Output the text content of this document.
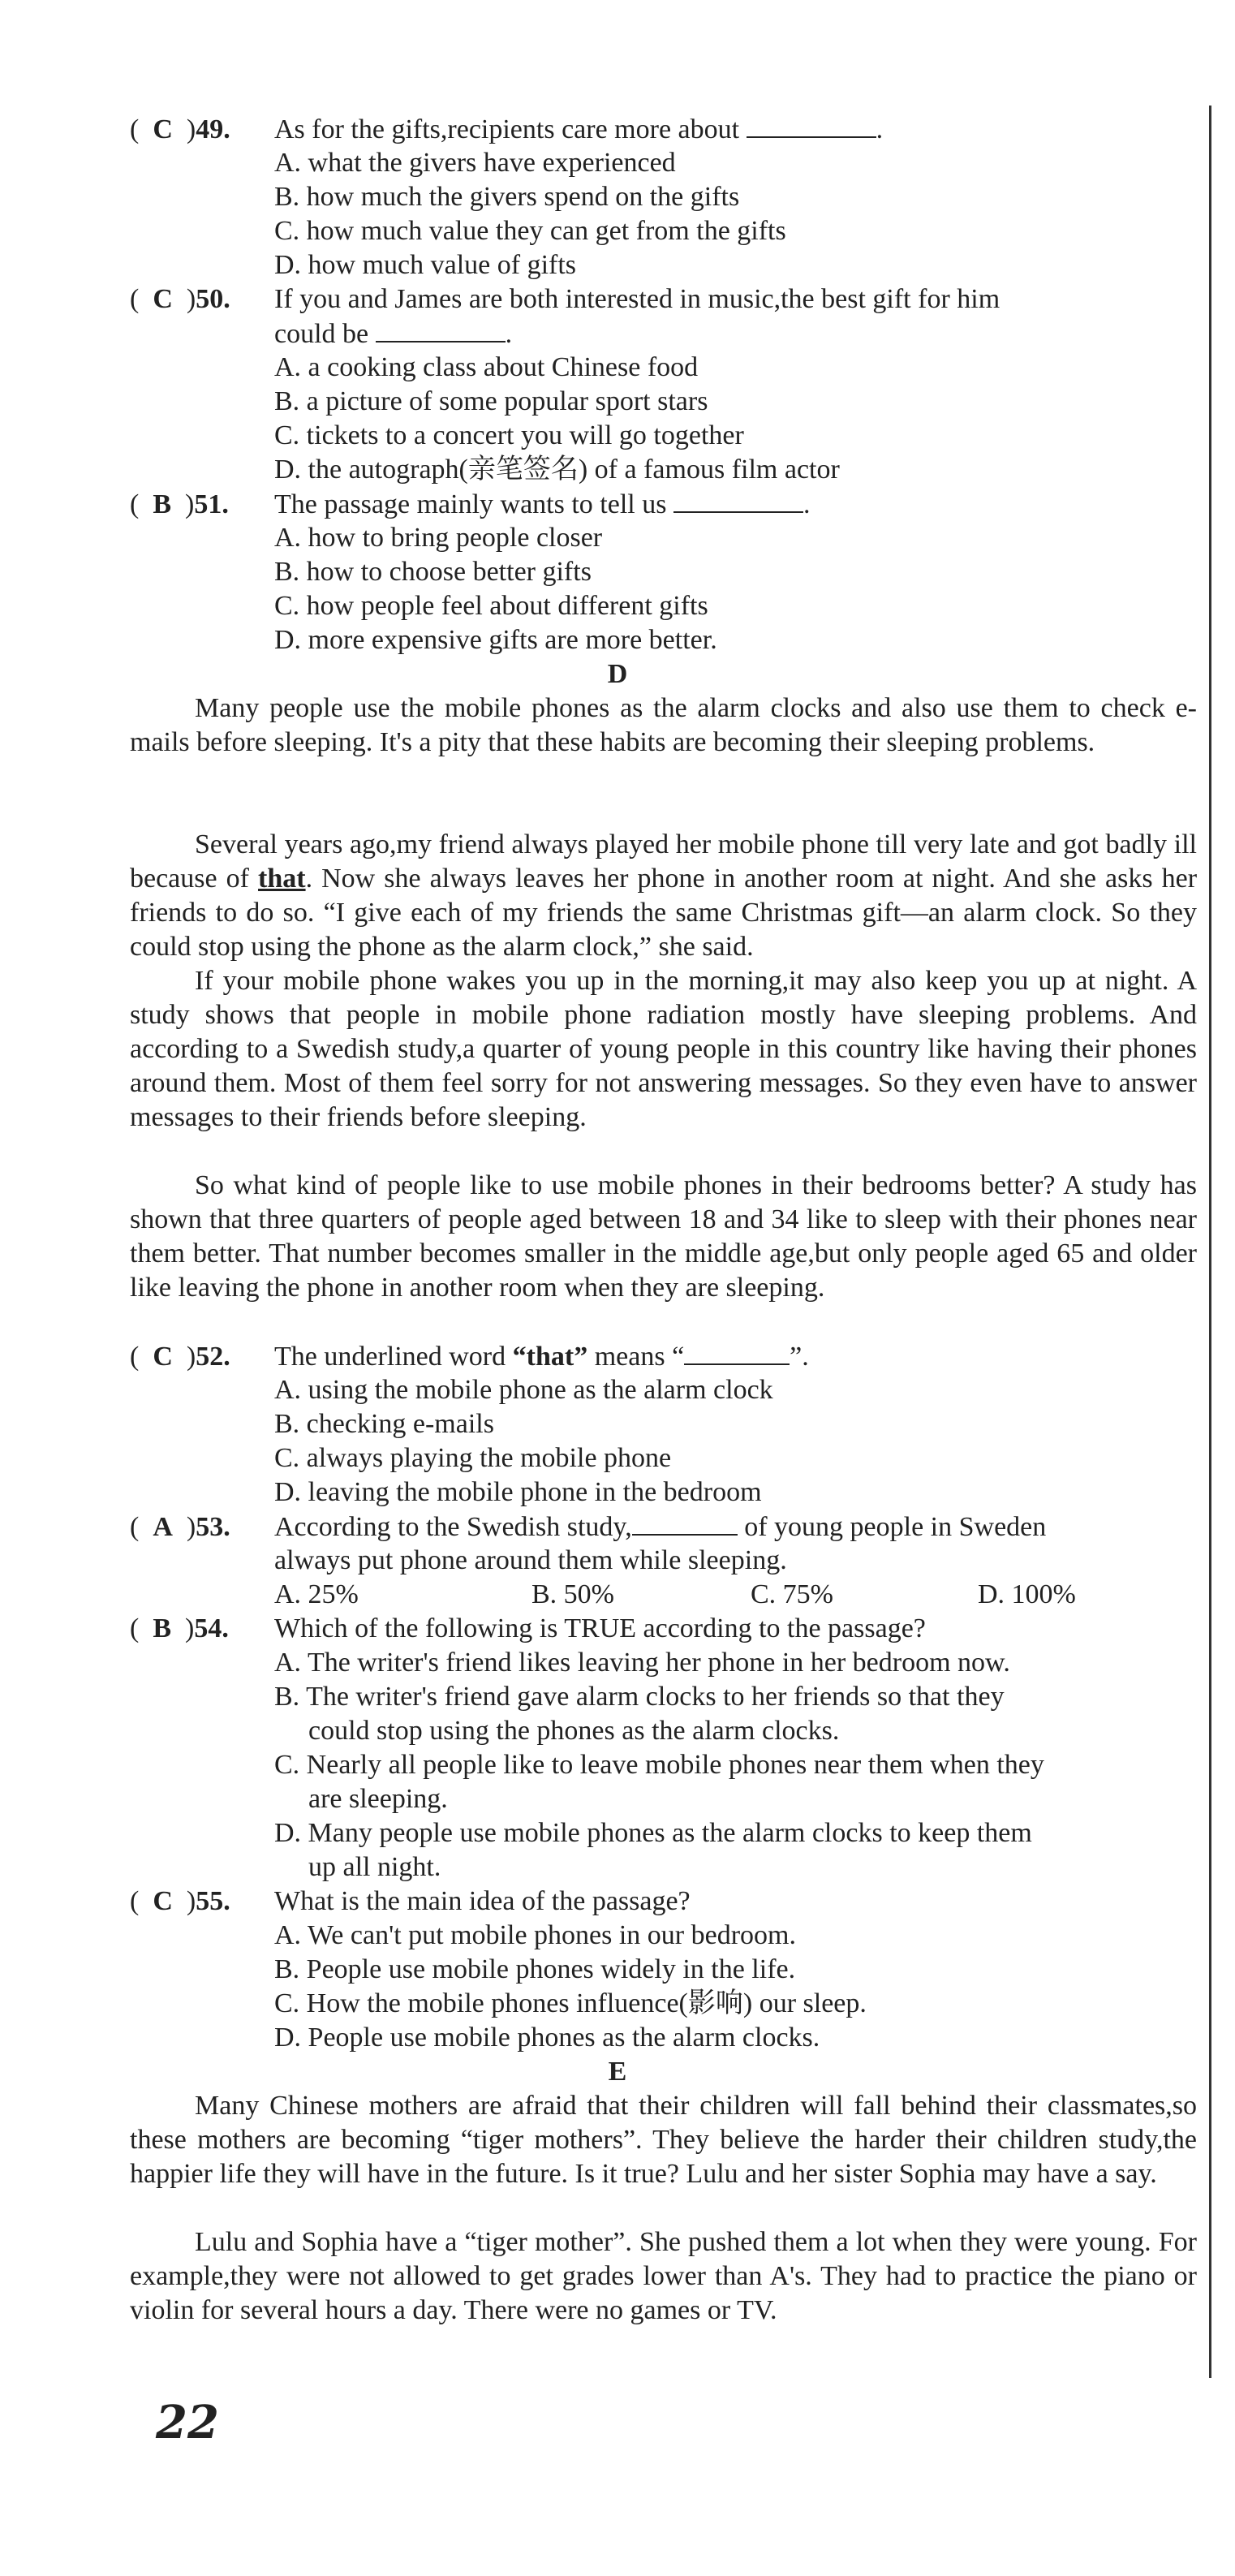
(  C  )49. As for the gifts,recipients care more about	.
A. what the givers have experienced
B. how much the givers spend on the gifts
C. how much value they can get from the gifts
D. how much value of gifts
(  C  )50. If you and James are both interested in music,the best gift for him
could be	.
A. a cooking class about Chinese food
B. a picture of some popular sport stars
C. tickets to a concert you will go together
D. the autograph(亲笔签名) of a famous film actor
(  B  )51. The passage mainly wants to tell us	.
A. how to bring people closer
B. how to choose better gifts
C. how people feel about different gifts
D. more expensive gifts are more better.
D
Many people use the mobile phones as the alarm clocks and also use them to check e-mails before sleeping. It's a pity that these habits are becoming their sleeping problems.
Several years ago,my friend always played her mobile phone till very late and got badly ill because of that. Now she always leaves her phone in another room at night. And she asks her friends to do so. “I give each of my friends the same Christmas gift—an alarm clock. So they could stop using the phone as the alarm clock,” she said.
If your mobile phone wakes you up in the morning,it may also keep you up at night. A study shows that people in mobile phone radiation mostly have sleeping problems. And according to a Swedish study,a quarter of young people in this country like having their phones around them. Most of them feel sorry for not answering messages. So they even have to answer messages to their friends before sleeping.
So what kind of people like to use mobile phones in their bedrooms better? A study has shown that three quarters of people aged between 18 and 34 like to sleep with their phones near them better. That number becomes smaller in the middle age,but only people aged 65 and older like leaving the phone in another room when they are sleeping.
(  C  )52. The underlined word “that” means “	”.
A. using the mobile phone as the alarm clock
B. checking e-mails
C. always playing the mobile phone
D. leaving the mobile phone in the bedroom
(  A  )53. According to the Swedish study,	of young people in Sweden
always put phone around them while sleeping.
A. 25%	B. 50%	C. 75%	D. 100%
(  B  )54. Which of the following is TRUE according to the passage?
A. The writer's friend likes leaving her phone in her bedroom now.
B. The writer's friend gave alarm clocks to her friends so that they
could stop using the phones as the alarm clocks.
C. Nearly all people like to leave mobile phones near them when they
are sleeping.
D. Many people use mobile phones as the alarm clocks to keep them
up all night.
(  C  )55. What is the main idea of the passage?
A. We can't put mobile phones in our bedroom.
B. People use mobile phones widely in the life.
C. How the mobile phones influence(影响) our sleep.
D. People use mobile phones as the alarm clocks.
E
Many Chinese mothers are afraid that their children will fall behind their classmates,so these mothers are becoming “tiger mothers”. They believe the harder their children study,the happier life they will have in the future. Is it true? Lulu and her sister Sophia may have a say.
Lulu and Sophia have a “tiger mother”. She pushed them a lot when they were young. For example,they were not allowed to get grades lower than A's. They had to practice the piano or violin for several hours a day. There were no games or TV.
22
